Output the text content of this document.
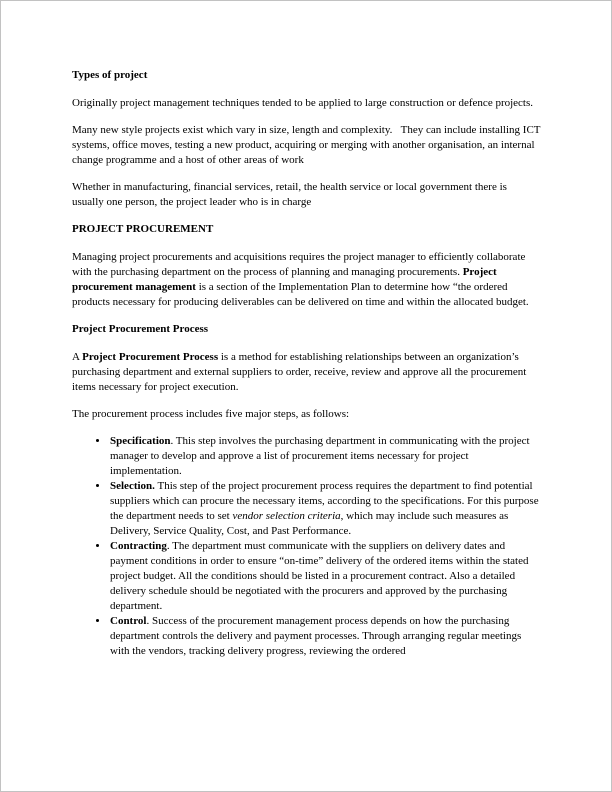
Types of project

Originally project management techniques tended to be applied to large construction or defence projects.

Many new style projects exist which vary in size, length and complexity.   They can include installing ICT systems, office moves, testing a new product, acquiring or merging with another organisation, an internal change programme and a host of other areas of work

Whether in manufacturing, financial services, retail, the health service or local government there is usually one person, the project leader who is in charge

PROJECT PROCUREMENT

Managing project procurements and acquisitions requires the project manager to efficiently collaborate with the purchasing department on the process of planning and managing procurements. Project procurement management is a section of the Implementation Plan to determine how “the ordered products necessary for producing deliverables can be delivered on time and within the allocated budget.

Project Procurement Process

A Project Procurement Process is a method for establishing relationships between an organization’s purchasing department and external suppliers to order, receive, review and approve all the procurement items necessary for project execution.

The procurement process includes five major steps, as follows:

• Specification. This step involves the purchasing department in communicating with the project manager to develop and approve a list of procurement items necessary for project implementation.
• Selection. This step of the project procurement process requires the department to find potential suppliers which can procure the necessary items, according to the specifications. For this purpose the department needs to set vendor selection criteria, which may include such measures as Delivery, Service Quality, Cost, and Past Performance.
• Contracting. The department must communicate with the suppliers on delivery dates and payment conditions in order to ensure “on-time” delivery of the ordered items within the stated project budget. All the conditions should be listed in a procurement contract. Also a detailed delivery schedule should be negotiated with the procurers and approved by the purchasing department.
• Control. Success of the procurement management process depends on how the purchasing department controls the delivery and payment processes. Through arranging regular meetings with the vendors, tracking delivery progress, reviewing the ordered
